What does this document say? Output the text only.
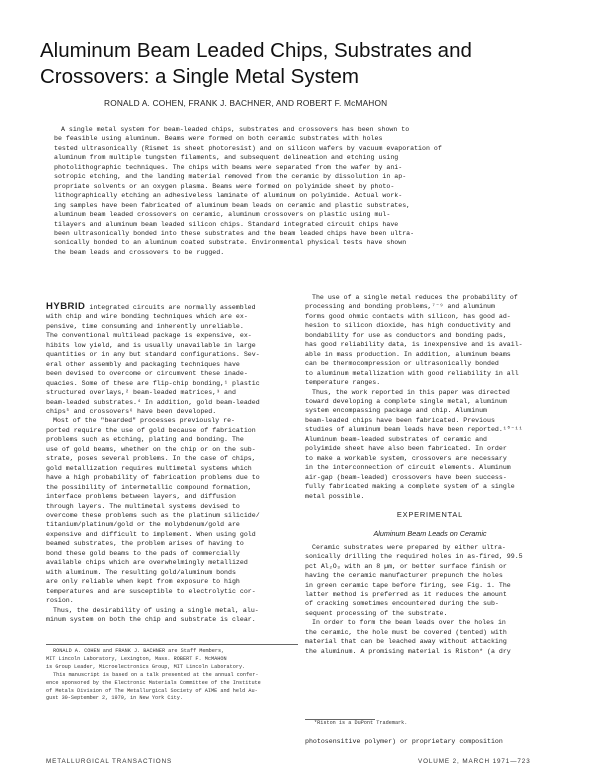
Aluminum Beam Leaded Chips, Substrates and
Crossovers: a Single Metal System
RONALD A. COHEN, FRANK J. BACHNER, AND ROBERT F. McMAHON
A single metal system for beam-leaded chips, substrates and crossovers has been shown to
be feasible using aluminum. Beams were formed on both ceramic substrates with holes
tested ultrasonically (Rismet is sheet photoresist) and on silicon wafers by vacuum evaporation of
aluminum from multiple tungsten filaments, and subsequent delineation and etching using
photolithographic techniques. The chips with beams were separated from the wafer by ani-
sotropic etching, and the landing material removed from the ceramic by dissolution in ap-
propriate solvents or an oxygen plasma. Beams were formed on polyimide sheet by photo-
lithographically etching an adhesiveless laminate of aluminum on polyimide. Actual work-
ing samples have been fabricated of aluminum beam leads on ceramic and plastic substrates,
aluminum beam leaded crossovers on ceramic, aluminum crossovers on plastic using mul-
tilayers and aluminum beam leaded silicon chips. Standard integrated circuit chips have
been ultrasonically bonded into these substrates and the beam leaded chips have been ultra-
sonically bonded to an aluminum coated substrate. Environmental physical tests have shown
the beam leads and crossovers to be rugged.
HYBRID integrated circuits are normally assembled
with chip and wire bonding techniques which are ex-
pensive, time consuming and inherently unreliable.
The conventional multilead package is expensive, ex-
hibits low yield, and is usually unavailable in large
quantities or in any but standard configurations. Sev-
eral other assembly and packaging techniques have
been devised to overcome or circumvent these inade-
quacies. Some of these are flip-chip bonding,¹ plastic
structured overlays,² beam-leaded matrices,³ and
beam-leaded substrates.⁴ In addition, gold beam-leaded
chips⁵ and crossovers⁶ have been developed.
Most of the "bearded" processes previously re-
ported require the use of gold because of fabrication
problems such as etching, plating and bonding. The
use of gold beams, whether on the chip or on the sub-
strate, poses several problems. In the case of chips,
gold metallization requires multimetal systems which
have a high probability of fabrication problems due to
the possibility of intermetallic compound formation,
interface problems between layers, and diffusion
through layers. The multimetal systems devised to
overcome these problems such as the platinum silicide/
titanium/platinum/gold or the molybdenum/gold are
expensive and difficult to implement. When using gold
beamed substrates, the problem arises of having to
bond these gold beams to the pads of commercially
available chips which are overwhelmingly metallized
with aluminum. The resulting gold/aluminum bonds
are only reliable when kept from exposure to high
temperatures and are susceptible to electrolytic cor-
rosion.
Thus, the desirability of using a single metal, alu-
minum system on both the chip and substrate is clear.
RONALD A. COHEN and FRANK J. BACHNER are Staff Members,
MIT Lincoln Laboratory, Lexington, Mass. ROBERT F. McMAHON
is Group Leader, Microelectronics Group, MIT Lincoln Laboratory.
This manuscript is based on a talk presented at the annual confer-
ence sponsored by the Electronic Materials Committee of the Institute
of Metals Division of The Metallurgical Society of AIME and held Au-
gust 30-September 2, 1970, in New York City.
The use of a single metal reduces the probability of
processing and bonding problems,⁷⁻⁹ and aluminum
forms good ohmic contacts with silicon, has good ad-
hesion to silicon dioxide, has high conductivity and
bondability for use as conductors and bonding pads,
has good reliability data, is inexpensive and is avail-
able in mass production. In addition, aluminum beams
can be thermocompression or ultrasonically bonded
to aluminum metallization with good reliability in all
temperature ranges.
Thus, the work reported in this paper was directed
toward developing a complete single metal, aluminum
system encompassing package and chip. Aluminum
beam-leaded chips have been fabricated. Previous
studies of aluminum beam leads have been reported.¹⁰⁻¹¹
Aluminum beam-leaded substrates of ceramic and
polyimide sheet have also been fabricated. In order
to make a workable system, crossovers are necessary
in the interconnection of circuit elements. Aluminum
air-gap (beam-leaded) crossovers have been success-
fully fabricated making a complete system of a single
metal possible.
EXPERIMENTAL
Aluminum Beam Leads on Ceramic
Ceramic substrates were prepared by either ultra-
sonically drilling the required holes in as-fired, 99.5
pct Al₂O₃ with an 8 µm, or better surface finish or
having the ceramic manufacturer prepunch the holes
in green ceramic tape before firing, see Fig. 1. The
latter method is preferred as it reduces the amount
of cracking sometimes encountered during the sub-
sequent processing of the substrate.
In order to form the beam leads over the holes in
the ceramic, the hole must be covered (tented) with
material that can be leached away without attacking
the aluminum. A promising material is Riston* (a dry
*Riston is a DuPont Trademark.
photosensitive polymer) or proprietary composition
METALLURGICAL TRANSACTIONS	VOLUME 2, MARCH 1971—723
